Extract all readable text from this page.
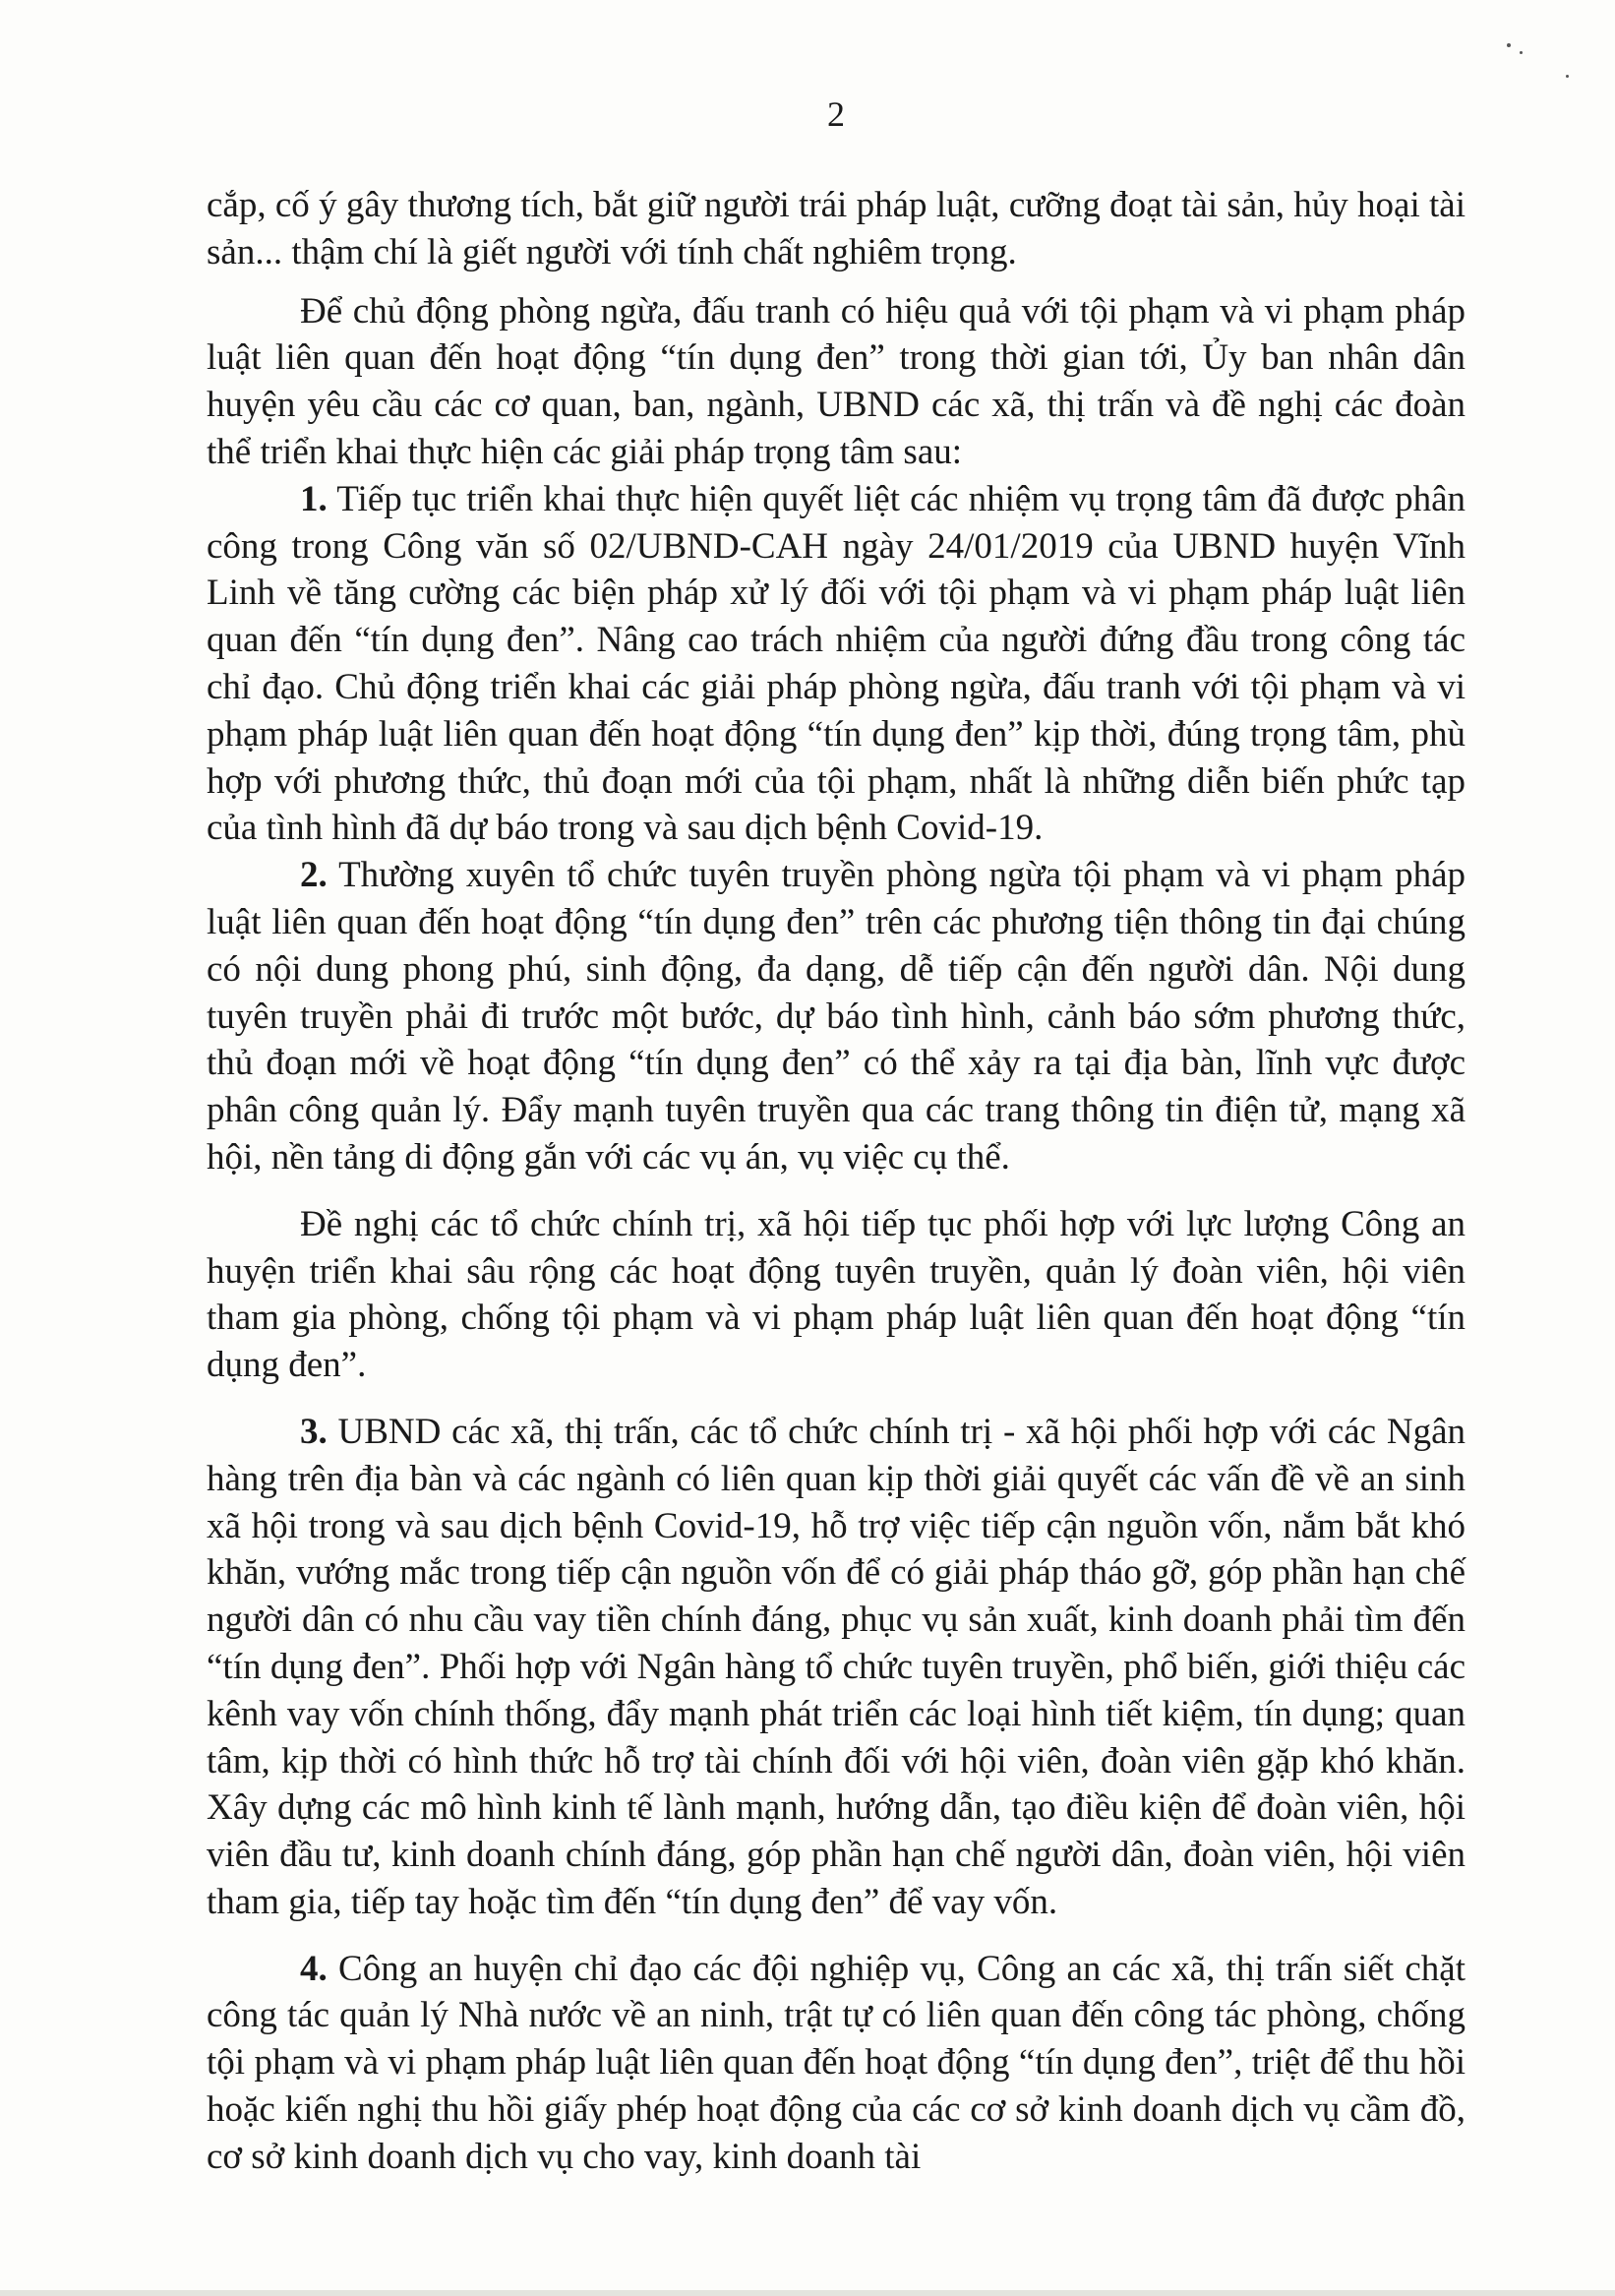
2

cắp, cố ý gây thương tích, bắt giữ người trái pháp luật, cưỡng đoạt tài sản, hủy hoại tài sản... thậm chí là giết người với tính chất nghiêm trọng.

Để chủ động phòng ngừa, đấu tranh có hiệu quả với tội phạm và vi phạm pháp luật liên quan đến hoạt động “tín dụng đen” trong thời gian tới, Ủy ban nhân dân huyện yêu cầu các cơ quan, ban, ngành, UBND các xã, thị trấn và đề nghị các đoàn thể triển khai thực hiện các giải pháp trọng tâm sau:

1. Tiếp tục triển khai thực hiện quyết liệt các nhiệm vụ trọng tâm đã được phân công trong Công văn số 02/UBND-CAH ngày 24/01/2019 của UBND huyện Vĩnh Linh về tăng cường các biện pháp xử lý đối với tội phạm và vi phạm pháp luật liên quan đến “tín dụng đen”. Nâng cao trách nhiệm của người đứng đầu trong công tác chỉ đạo. Chủ động triển khai các giải pháp phòng ngừa, đấu tranh với tội phạm và vi phạm pháp luật liên quan đến hoạt động “tín dụng đen” kịp thời, đúng trọng tâm, phù hợp với phương thức, thủ đoạn mới của tội phạm, nhất là những diễn biến phức tạp của tình hình đã dự báo trong và sau dịch bệnh Covid-19.

2. Thường xuyên tổ chức tuyên truyền phòng ngừa tội phạm và vi phạm pháp luật liên quan đến hoạt động “tín dụng đen” trên các phương tiện thông tin đại chúng có nội dung phong phú, sinh động, đa dạng, dễ tiếp cận đến người dân. Nội dung tuyên truyền phải đi trước một bước, dự báo tình hình, cảnh báo sớm phương thức, thủ đoạn mới về hoạt động “tín dụng đen” có thể xảy ra tại địa bàn, lĩnh vực được phân công quản lý. Đẩy mạnh tuyên truyền qua các trang thông tin điện tử, mạng xã hội, nền tảng di động gắn với các vụ án, vụ việc cụ thể.

Đề nghị các tổ chức chính trị, xã hội tiếp tục phối hợp với lực lượng Công an huyện triển khai sâu rộng các hoạt động tuyên truyền, quản lý đoàn viên, hội viên tham gia phòng, chống tội phạm và vi phạm pháp luật liên quan đến hoạt động “tín dụng đen”.

3. UBND các xã, thị trấn, các tổ chức chính trị - xã hội phối hợp với các Ngân hàng trên địa bàn và các ngành có liên quan kịp thời giải quyết các vấn đề về an sinh xã hội trong và sau dịch bệnh Covid-19, hỗ trợ việc tiếp cận nguồn vốn, nắm bắt khó khăn, vướng mắc trong tiếp cận nguồn vốn để có giải pháp tháo gỡ, góp phần hạn chế người dân có nhu cầu vay tiền chính đáng, phục vụ sản xuất, kinh doanh phải tìm đến “tín dụng đen”. Phối hợp với Ngân hàng tổ chức tuyên truyền, phổ biến, giới thiệu các kênh vay vốn chính thống, đẩy mạnh phát triển các loại hình tiết kiệm, tín dụng; quan tâm, kịp thời có hình thức hỗ trợ tài chính đối với hội viên, đoàn viên gặp khó khăn. Xây dựng các mô hình kinh tế lành mạnh, hướng dẫn, tạo điều kiện để đoàn viên, hội viên đầu tư, kinh doanh chính đáng, góp phần hạn chế người dân, đoàn viên, hội viên tham gia, tiếp tay hoặc tìm đến “tín dụng đen” để vay vốn.

4. Công an huyện chỉ đạo các đội nghiệp vụ, Công an các xã, thị trấn siết chặt công tác quản lý Nhà nước về an ninh, trật tự có liên quan đến công tác phòng, chống tội phạm và vi phạm pháp luật liên quan đến hoạt động “tín dụng đen”, triệt để thu hồi hoặc kiến nghị thu hồi giấy phép hoạt động của các cơ sở kinh doanh dịch vụ cầm đồ, cơ sở kinh doanh dịch vụ cho vay, kinh doanh tài
